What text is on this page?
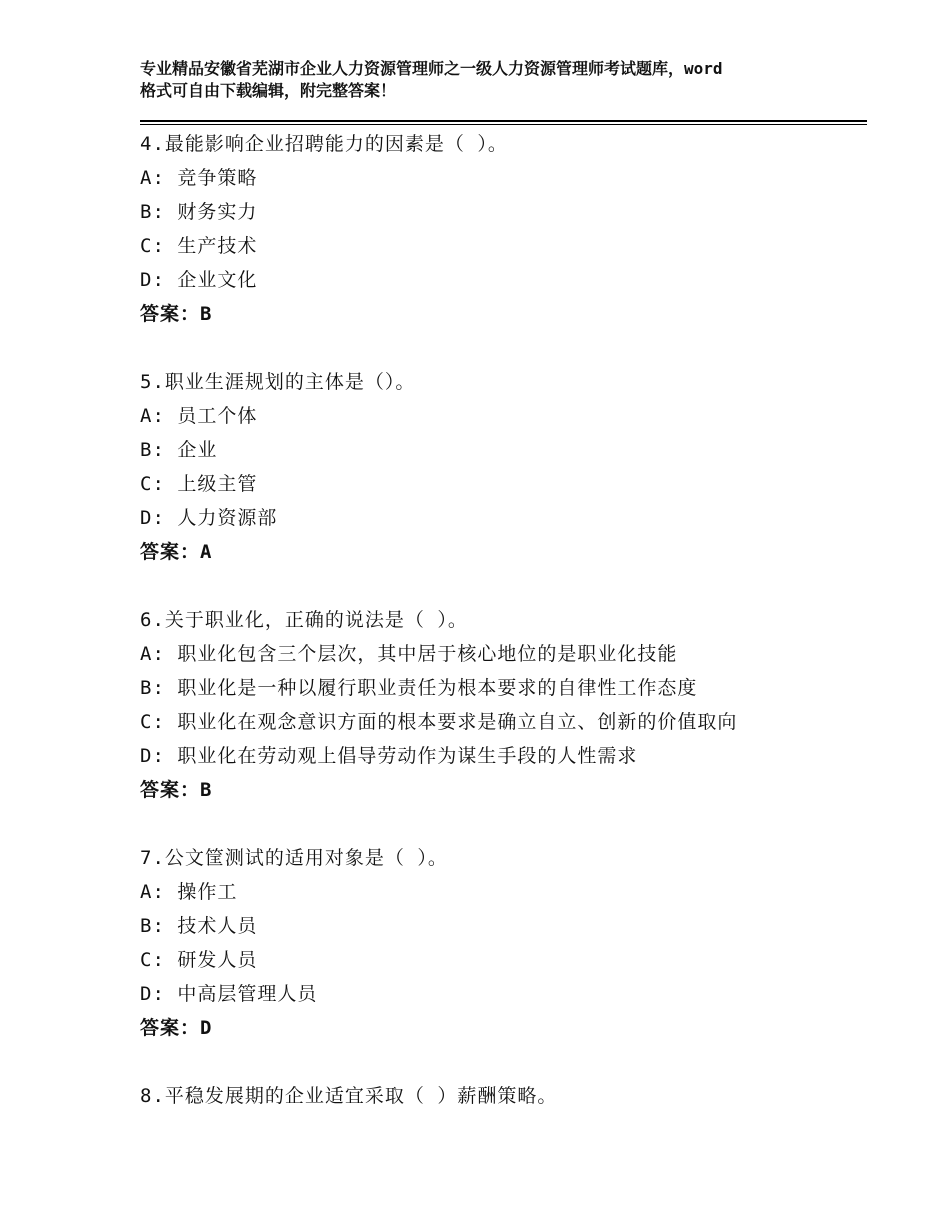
专业精品安徽省芜湖市企业人力资源管理师之一级人力资源管理师考试题库，word
格式可自由下载编辑，附完整答案！
4.最能影响企业招聘能力的因素是（ ）。
A: 竞争策略
B: 财务实力
C: 生产技术
D: 企业文化
答案：B
5.职业生涯规划的主体是（）。
A: 员工个体
B: 企业
C: 上级主管
D: 人力资源部
答案：A
6.关于职业化，正确的说法是（ ）。
A: 职业化包含三个层次，其中居于核心地位的是职业化技能
B: 职业化是一种以履行职业责任为根本要求的自律性工作态度
C: 职业化在观念意识方面的根本要求是确立自立、创新的价值取向
D: 职业化在劳动观上倡导劳动作为谋生手段的人性需求
答案：B
7.公文筐测试的适用对象是（ ）。
A: 操作工
B: 技术人员
C: 研发人员
D: 中高层管理人员
答案：D
8.平稳发展期的企业适宜采取（ ）薪酬策略。
